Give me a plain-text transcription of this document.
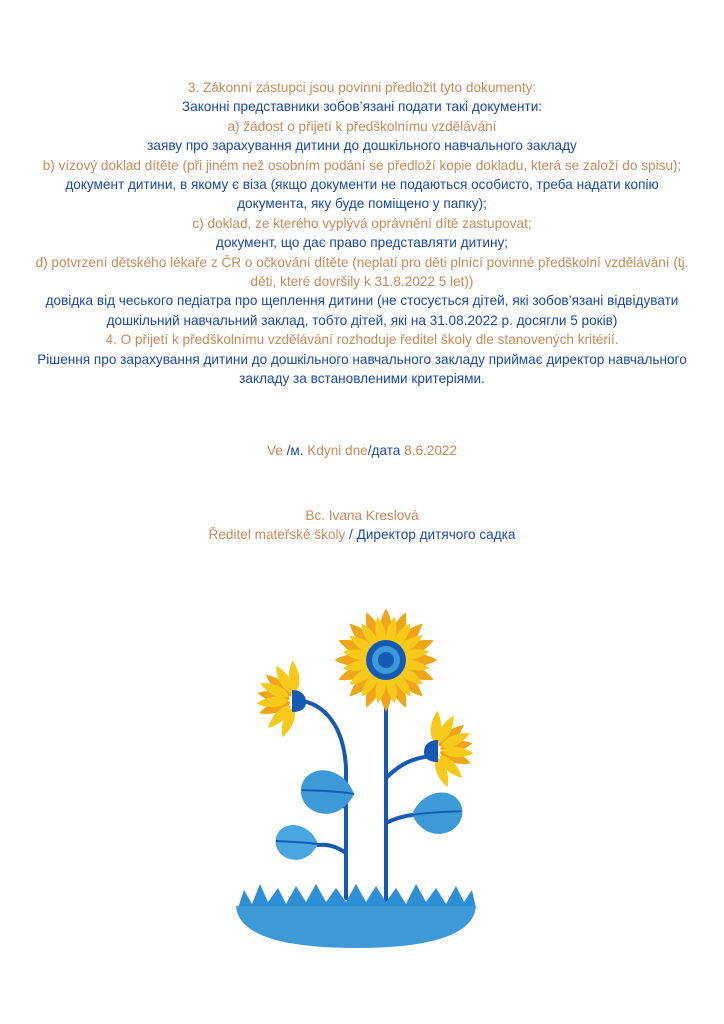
3. Zákonní zástupci jsou povinni předložit tyto dokumenty:
Законні представники зобов’язані подати такі документи:
a) žádost o přijetí k předškolnímu vzdělávání
заяву про зарахування дитини до дошкільного навчального закладу
b) vízový doklad dítěte (při jiném než osobním podání se předloží kopie dokladu, která se založí do spisu);
документ дитини, в якому є віза (якщо документи не подаються особисто, треба надати копію документа, яку буде поміщено у папку);
c) doklad, ze kterého vyplývá oprávnění dítě zastupovat;
документ, що дає право представляти дитину;
d) potvrzení dětského lékaře z ČR o očkování dítěte (neplatí pro děti plnící povinné předškolní vzdělávání (tj. děti, které dovršily k 31.8.2022 5 let))
довідка від чеського педіатра про щеплення дитини (не стосується дітей, які зобов’язані відвідувати дошкільний навчальний заклад, тобто дітей, які на 31.08.2022 р. досягли 5 років)
4. O přijetí k předškolnímu vzdělávání rozhoduje ředitel školy dle stanovených kritérií.
Рішення про зарахування дитини до дошкільного навчального закладу приймає директор навчального закладу за встановленими критеріями.
Ve /м. Kdyni dne/дата 8.6.2022
Bc. Ivana Kreslová
Ředitel mateřské školy / Директор дитячого садка
